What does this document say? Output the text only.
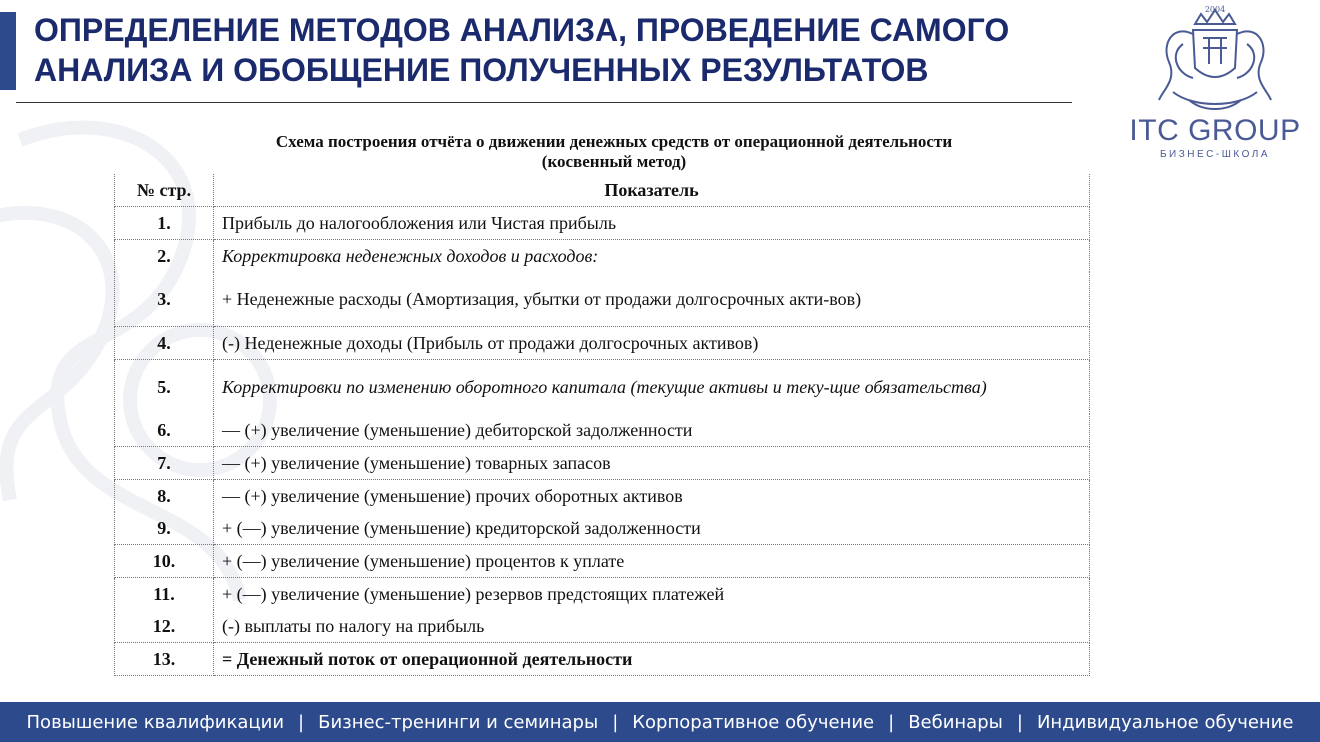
ОПРЕДЕЛЕНИЕ МЕТОДОВ АНАЛИЗА, ПРОВЕДЕНИЕ САМОГО
АНАЛИЗА И ОБОБЩЕНИЕ ПОЛУЧЕННЫХ РЕЗУЛЬТАТОВ
2004
ITC GROUP
БИЗНЕС-ШКОЛА
Схема построения отчёта о движении денежных средств от операционной деятельности
(косвенный метод)
№ стр.	Показатель
1.	Прибыль до налогообложения или Чистая прибыль
2.	Корректировка неденежных доходов и расходов:
3.	+ Неденежные расходы (Амортизация, убытки от продажи долгосрочных акти-вов)
4.	(-) Неденежные доходы (Прибыль от продажи долгосрочных активов)
5.	Корректировки по изменению оборотного капитала (текущие активы и теку-щие обязательства)
6.	— (+) увеличение (уменьшение) дебиторской задолженности
7.	— (+) увеличение (уменьшение) товарных запасов
8.	— (+) увеличение (уменьшение) прочих оборотных активов
9.	+ (—) увеличение (уменьшение) кредиторской задолженности
10.	+ (—) увеличение (уменьшение) процентов к уплате
11.	+ (—) увеличение (уменьшение) резервов предстоящих платежей
12.	(-) выплаты по налогу на прибыль
13.	= Денежный поток от операционной деятельности
Повышение квалификации | Бизнес-тренинги и семинары | Корпоративное обучение | Вебинары | Индивидуальное обучение
